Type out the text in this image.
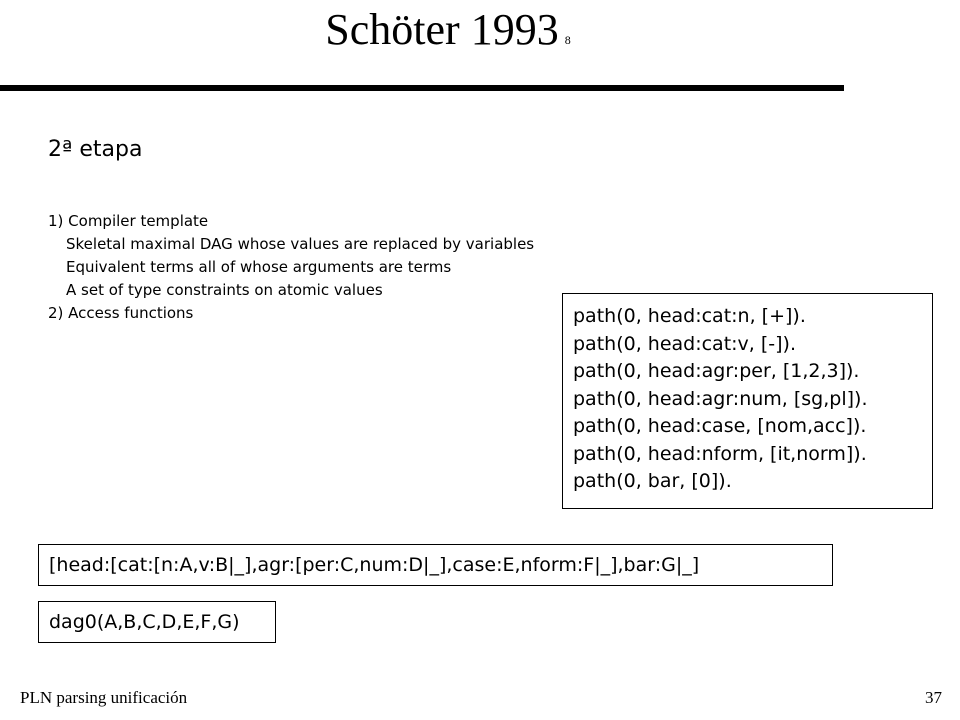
Schöter 1993 8
2ª etapa
1) Compiler template
Skeletal maximal DAG whose values are replaced by variables
Equivalent terms all of whose arguments are terms
A set of type constraints on atomic values
2) Access functions	path(0, head:cat:n, [+]).
path(0, head:cat:v, [-]).
path(0, head:agr:per, [1,2,3]).
path(0, head:agr:num, [sg,pl]).
path(0, head:case, [nom,acc]).
path(0, head:nform, [it,norm]).
path(0, bar, [0]).
[head:[cat:[n:A,v:B|_],agr:[per:C,num:D|_],case:E,nform:F|_],bar:G|_]
dag0(A,B,C,D,E,F,G)
PLN parsing unificación	37
